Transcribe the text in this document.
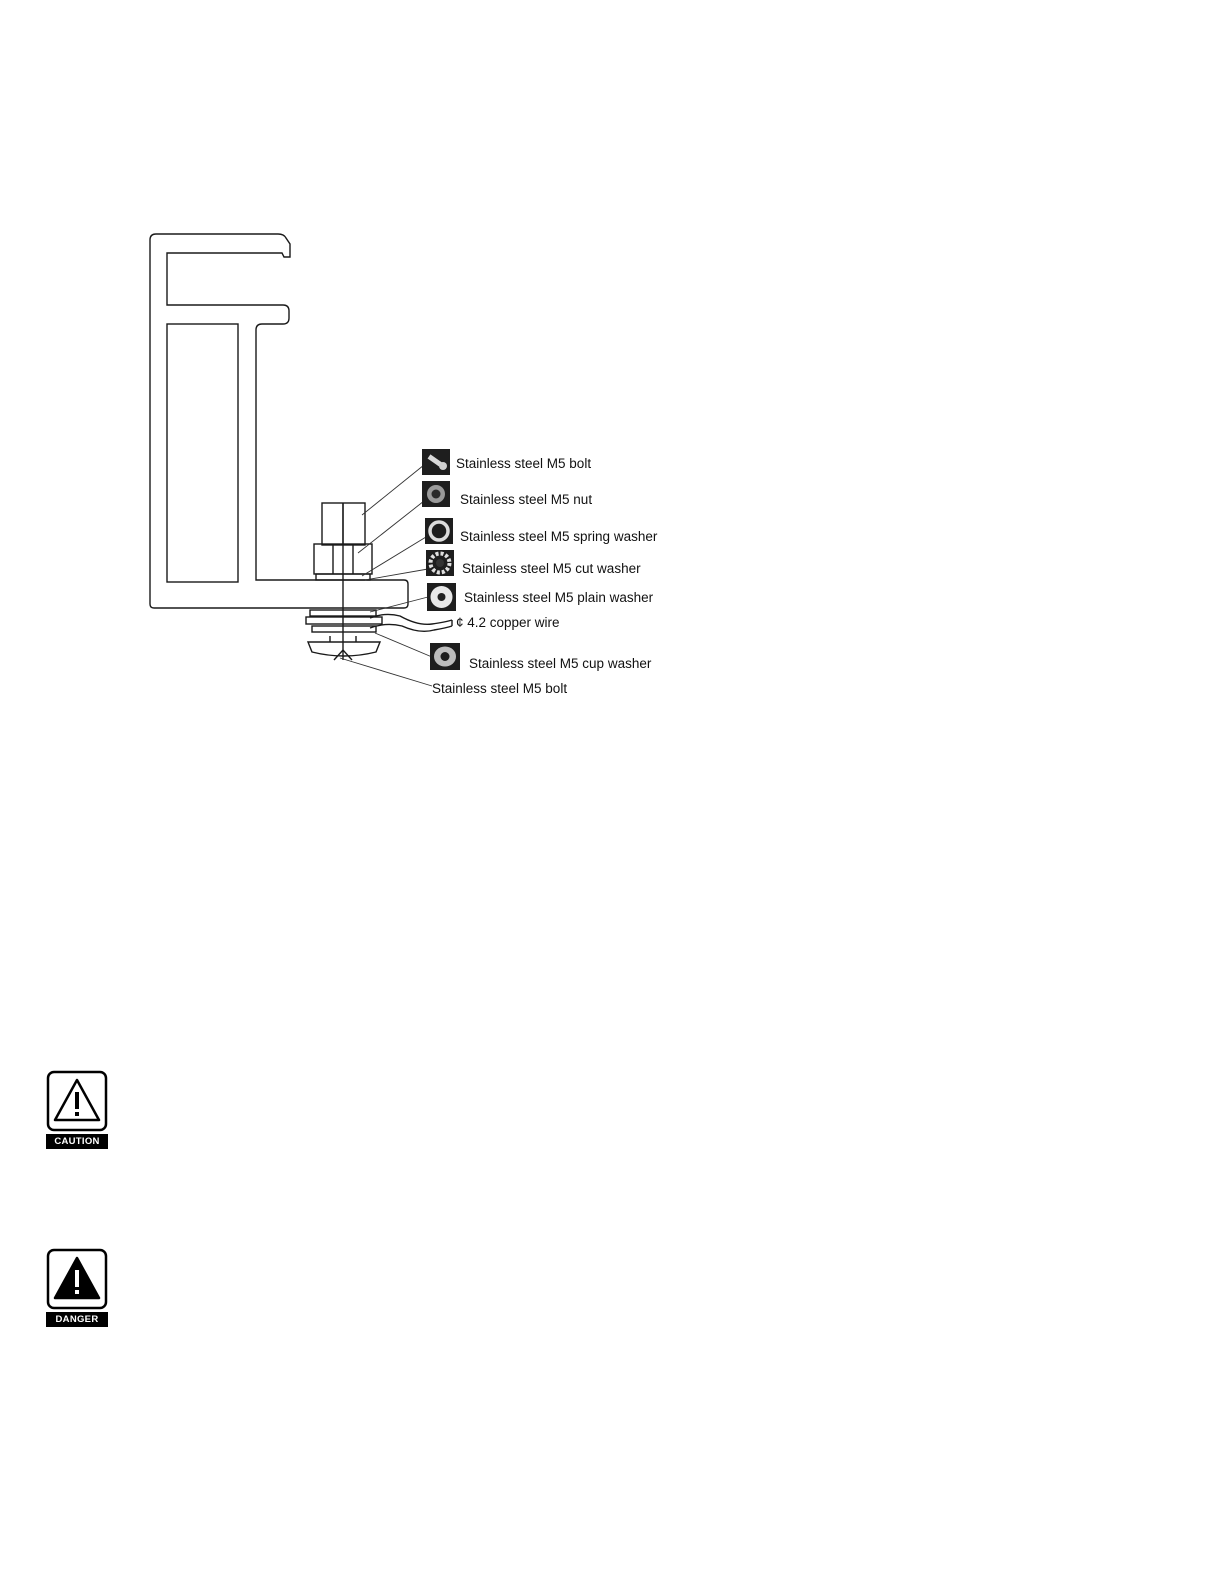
Stainless steel M5 bolt
Stainless steel M5 nut
Stainless steel M5 spring washer
Stainless steel M5 cut washer
Stainless steel M5 plain washer
¢ 4.2 copper wire
Stainless steel M5 cup washer
Stainless steel M5 bolt
CAUTION
DANGER
